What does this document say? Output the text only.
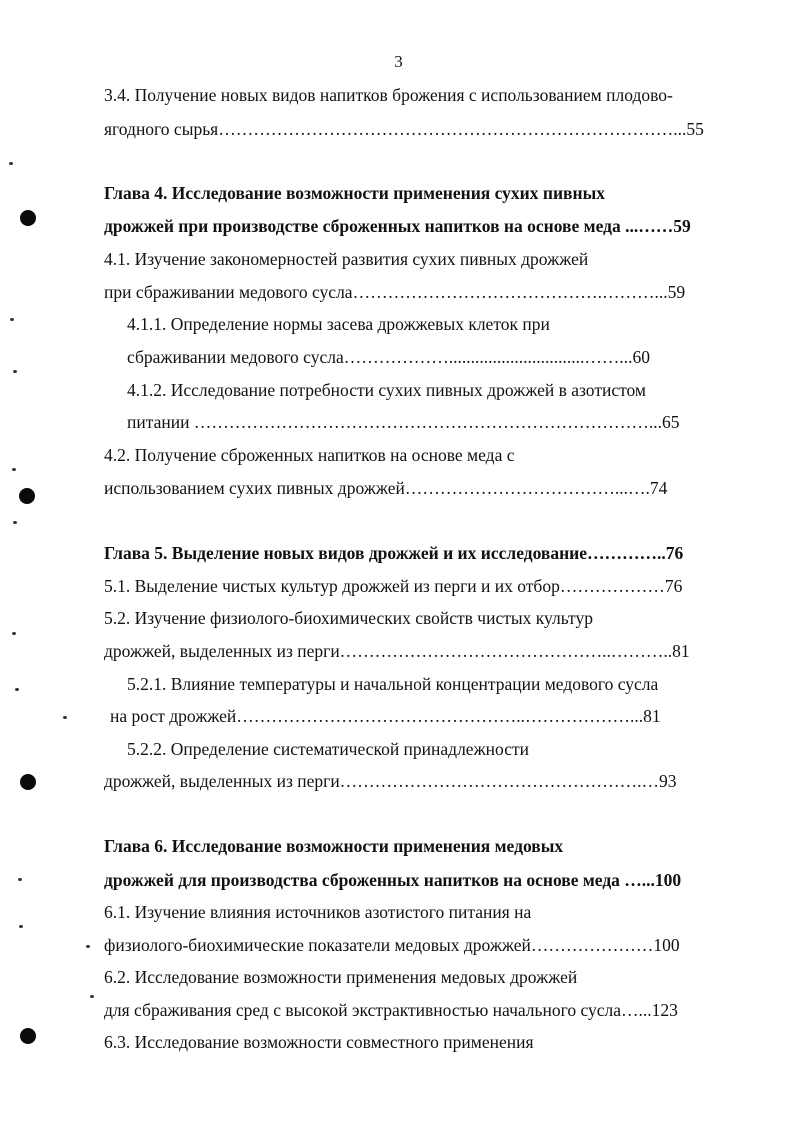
3
3.4. Получение новых видов напитков брожения с использованием плодово-
ягодного сырья……………………………………………………………………...55
Глава 4. Исследование возможности применения сухих пивных
дрожжей при производстве сброженных напитков на основе меда ...……59
4.1. Изучение закономерностей развития сухих пивных дрожжей
при сбраживании медового сусла…………………………………….………...59
4.1.1. Определение нормы засева дрожжевых клеток при
сбраживании медового сусла………………...............................……...60
4.1.2. Исследование потребности сухих пивных дрожжей в азотистом
питании ……………………………………………………………………...65
4.2. Получение сброженных напитков на основе меда с
использованием сухих пивных дрожжей………………………………...….74
Глава 5. Выделение новых видов дрожжей и их исследование…………..76
5.1. Выделение чистых культур дрожжей из перги и их отбор………………76
5.2. Изучение физиолого-биохимических свойств чистых культур
дрожжей, выделенных из перги………………………………………..………..81
5.2.1. Влияние температуры и начальной концентрации медового сусла
на рост дрожжей…………………………………………..………………...81
5.2.2. Определение систематической принадлежности
дрожжей, выделенных из перги…………………………………………….…93
Глава 6. Исследование возможности применения медовых
дрожжей для производства сброженных напитков на основе меда …...100
6.1. Изучение влияния источников азотистого питания на
физиолого-биохимические показатели медовых дрожжей…………………100
6.2. Исследование возможности применения медовых дрожжей
для сбраживания сред с высокой экстрактивностью начального сусла…...123
6.3. Исследование возможности совместного применения
